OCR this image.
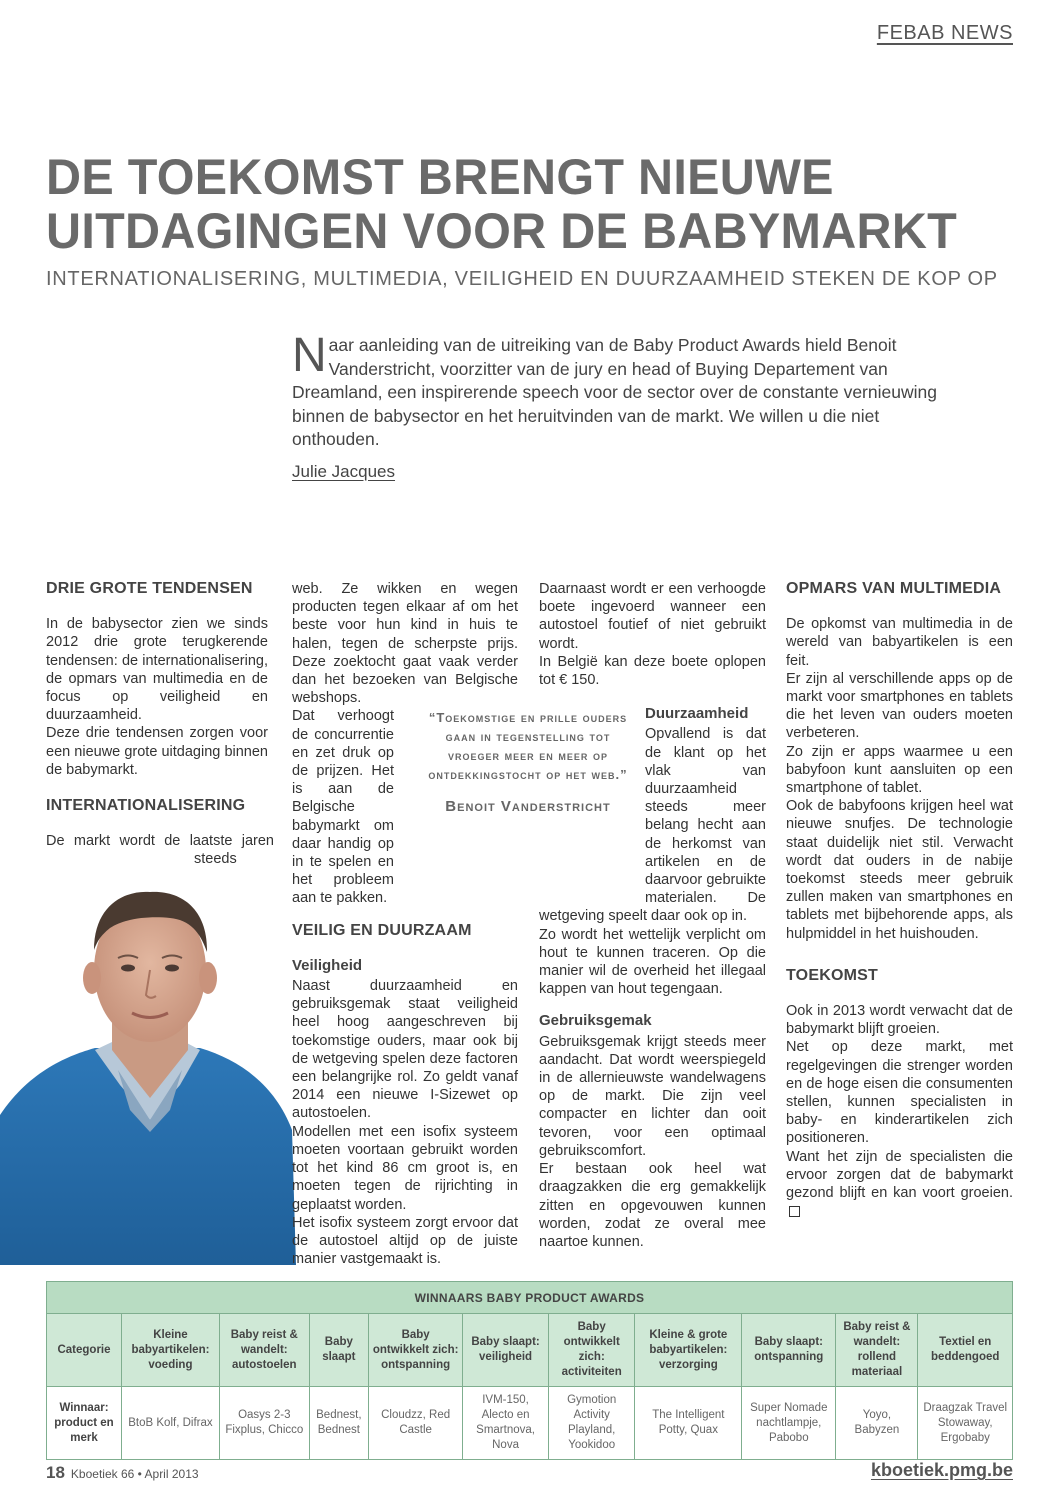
FEBAB NEWS
DE TOEKOMST BRENGT NIEUWE
UITDAGINGEN VOOR DE BABYMARKT

INTERNATIONALISERING, MULTIMEDIA, VEILIGHEID EN DUURZAAMHEID STEKEN DE KOP OP

Naar aanleiding van de uitreiking van de Baby Product Awards hield Benoit Vanderstricht, voorzitter van de jury en head of Buying Departement van Dreamland, een inspirerende speech voor de sector over de constante vernieuwing binnen de babysector en het heruitvinden van de markt. We willen u die niet onthouden.

Julie Jacques
DRIE GROTE TENDENSEN

In de babysector zien we sinds 2012 drie grote terugkerende tendensen: de internationalisering, de opmars van multimedia en de focus op veiligheid en duurzaamheid.

Deze drie tendensen zorgen voor een nieuwe grote uitdaging binnen de babymarkt.

INTERNATIONALISERING

De markt wordt de laatste jaren steeds

web. Ze wikken en wegen producten tegen elkaar af om het beste voor hun kind in huis te halen, tegen de scherpste prijs. Deze zoektocht gaat vaak verder dan het bezoeken van Belgische webshops.

Dat verhoogt de concurrentie en zet druk op de prijzen. Het is aan de Belgische babymarkt om daar handig op in te spelen en het probleem aan te pakken.

VEILIG EN DUURZAAM
Veiligheid

Naast duurzaamheid en gebruiksgemak staat veiligheid heel hoog aangeschreven bij toekomstige ouders, maar ook bij de wetgeving spelen deze factoren een belangrijke rol. Zo geldt vanaf 2014 een nieuwe I-Sizewet op autostoelen.

Modellen met een isofix systeem moeten voortaan gebruikt worden tot het kind 86 cm groot is, en moeten tegen de rijrichting in geplaatst worden.

Het isofix systeem zorgt ervoor dat de autostoel altijd op de juiste manier vastgemaakt is.

Daarnaast wordt er een verhoogde boete ingevoerd wanneer een autostoel foutief of niet gebruikt wordt.

In België kan deze boete oplopen tot € 150.

Duurzaamheid

Opvallend is dat de klant op het vlak van duurzaamheid steeds meer belang hecht aan de herkomst van artikelen en de daarvoor gebruikte materialen. De wetgeving speelt daar ook op in.

Zo wordt het wettelijk verplicht om hout te kunnen traceren. Op die manier wil de overheid het illegaal kappen van hout tegengaan.

Gebruiksgemak

Gebruiksgemak krijgt steeds meer aandacht. Dat wordt weerspiegeld in de allernieuwste wandelwagens op de markt. Die zijn veel compacter en lichter dan ooit tevoren, voor een optimaal gebruikscomfort.

Er bestaan ook heel wat draagzakken die erg gemakkelijk zitten en opgevouwen kunnen worden, zodat ze overal mee naartoe kunnen.

“Toekomstige en prille ouders gaan in tegenstelling tot vroeger meer en meer op ontdekkingstocht op het web.”

Benoit Vanderstricht
OPMARS VAN MULTIMEDIA

De opkomst van multimedia in de wereld van babyartikelen is een feit.

Er zijn al verschillende apps op de markt voor smartphones en tablets die het leven van ouders moeten verbeteren.

Zo zijn er apps waarmee u een babyfoon kunt aansluiten op een smartphone of tablet.

Ook de babyfoons krijgen heel wat nieuwe snufjes. De technologie staat duidelijk niet stil. Verwacht wordt dat ouders in de nabije toekomst steeds meer gebruik zullen maken van smartphones en tablets met bijbehorende apps, als hulpmiddel in het huishouden.

TOEKOMST

Ook in 2013 wordt verwacht dat de babymarkt blijft groeien.

Net op deze markt, met regelgevingen die strenger worden en de hoge eisen die consumenten stellen, kunnen specialisten in baby- en kinderartikelen zich positioneren.

Want het zijn de specialisten die ervoor zorgen dat de babymarkt gezond blijft en kan voort groeien.

WINNAARS BABY PRODUCT AWARDS										
Categorie	Kleine babyartikelen: voeding	Baby reist & wandelt: autostoelen	Baby slaapt	Baby ontwikkelt zich: ontspanning	Baby slaapt: veiligheid	Baby ontwikkelt zich: activiteiten	Kleine & grote babyartikelen: verzorging	Baby slaapt: ontspanning	Baby reist & wandelt: rollend materiaal	Textiel en beddengoed
Winnaar: product en merk	BtoB Kolf, Difrax	Oasys 2-3 Fixplus, Chicco	Bednest, Bednest	Cloudzz, Red Castle	IVM-150, Alecto en Smartnova, Nova	Gymotion Activity Playland, Yookidoo	The Intelligent Potty, Quax	Super Nomade nachtlampje, Pabobo	Yoyo, Babyzen	Draagzak Travel Stowaway, Ergobaby
18 Kboetiek 66 • April 2013	kboetiek.pmg.be
